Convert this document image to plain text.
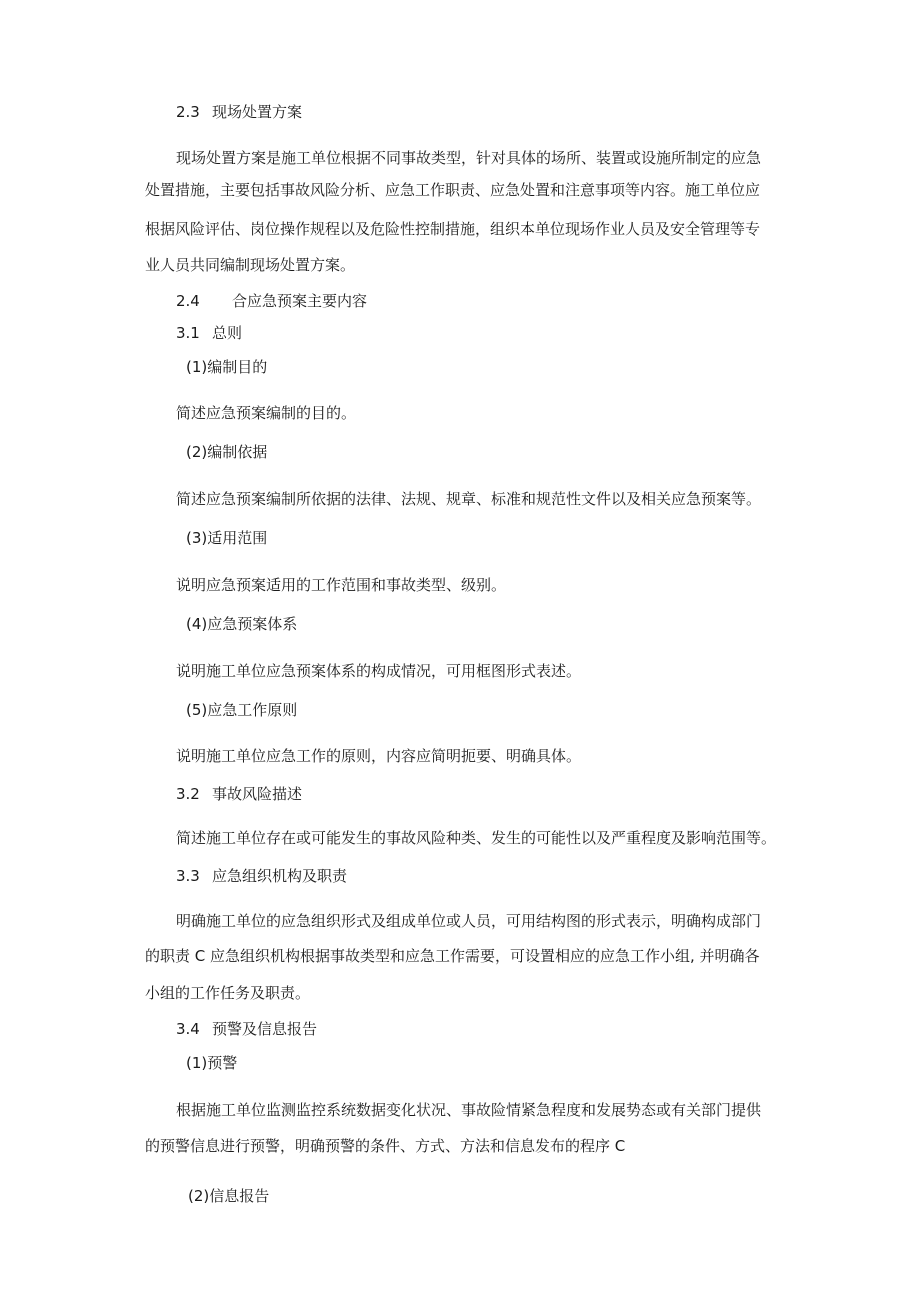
2.3 现场处置方案

现场处置方案是施工单位根据不同事故类型，针对具体的场所、装置或设施所制定的应急

处置措施，主要包括事故风险分析、应急工作职责、应急处置和注意事项等内容。施工单位应

根据风险评估、岗位操作规程以及危险性控制措施，组织本单位现场作业人员及安全管理等专

业人员共同编制现场处置方案。

2.4 合应急预案主要内容

3.1 总则

(1)编制目的

简述应急预案编制的目的。

(2)编制依据

简述应急预案编制所依据的法律、法规、规章、标准和规范性文件以及相关应急预案等。

(3)适用范围

说明应急预案适用的工作范围和事故类型、级别。

(4)应急预案体系

说明施工单位应急预案体系的构成情况，可用框图形式表述。

(5)应急工作原则

说明施工单位应急工作的原则，内容应简明扼要、明确具体。

3.2 事故风险描述

简述施工单位存在或可能发生的事故风险种类、发生的可能性以及严重程度及影响范围等。

3.3 应急组织机构及职责

明确施工单位的应急组织形式及组成单位或人员，可用结构图的形式表示，明确构成部门

的职责 C 应急组织机构根据事故类型和应急工作需要，可设置相应的应急工作小组, 并明确各

小组的工作任务及职责。

3.4 预警及信息报告

(1)预警

根据施工单位监测监控系统数据变化状况、事故险情紧急程度和发展势态或有关部门提供

的预警信息进行预警，明确预警的条件、方式、方法和信息发布的程序 C

(2)信息报告
